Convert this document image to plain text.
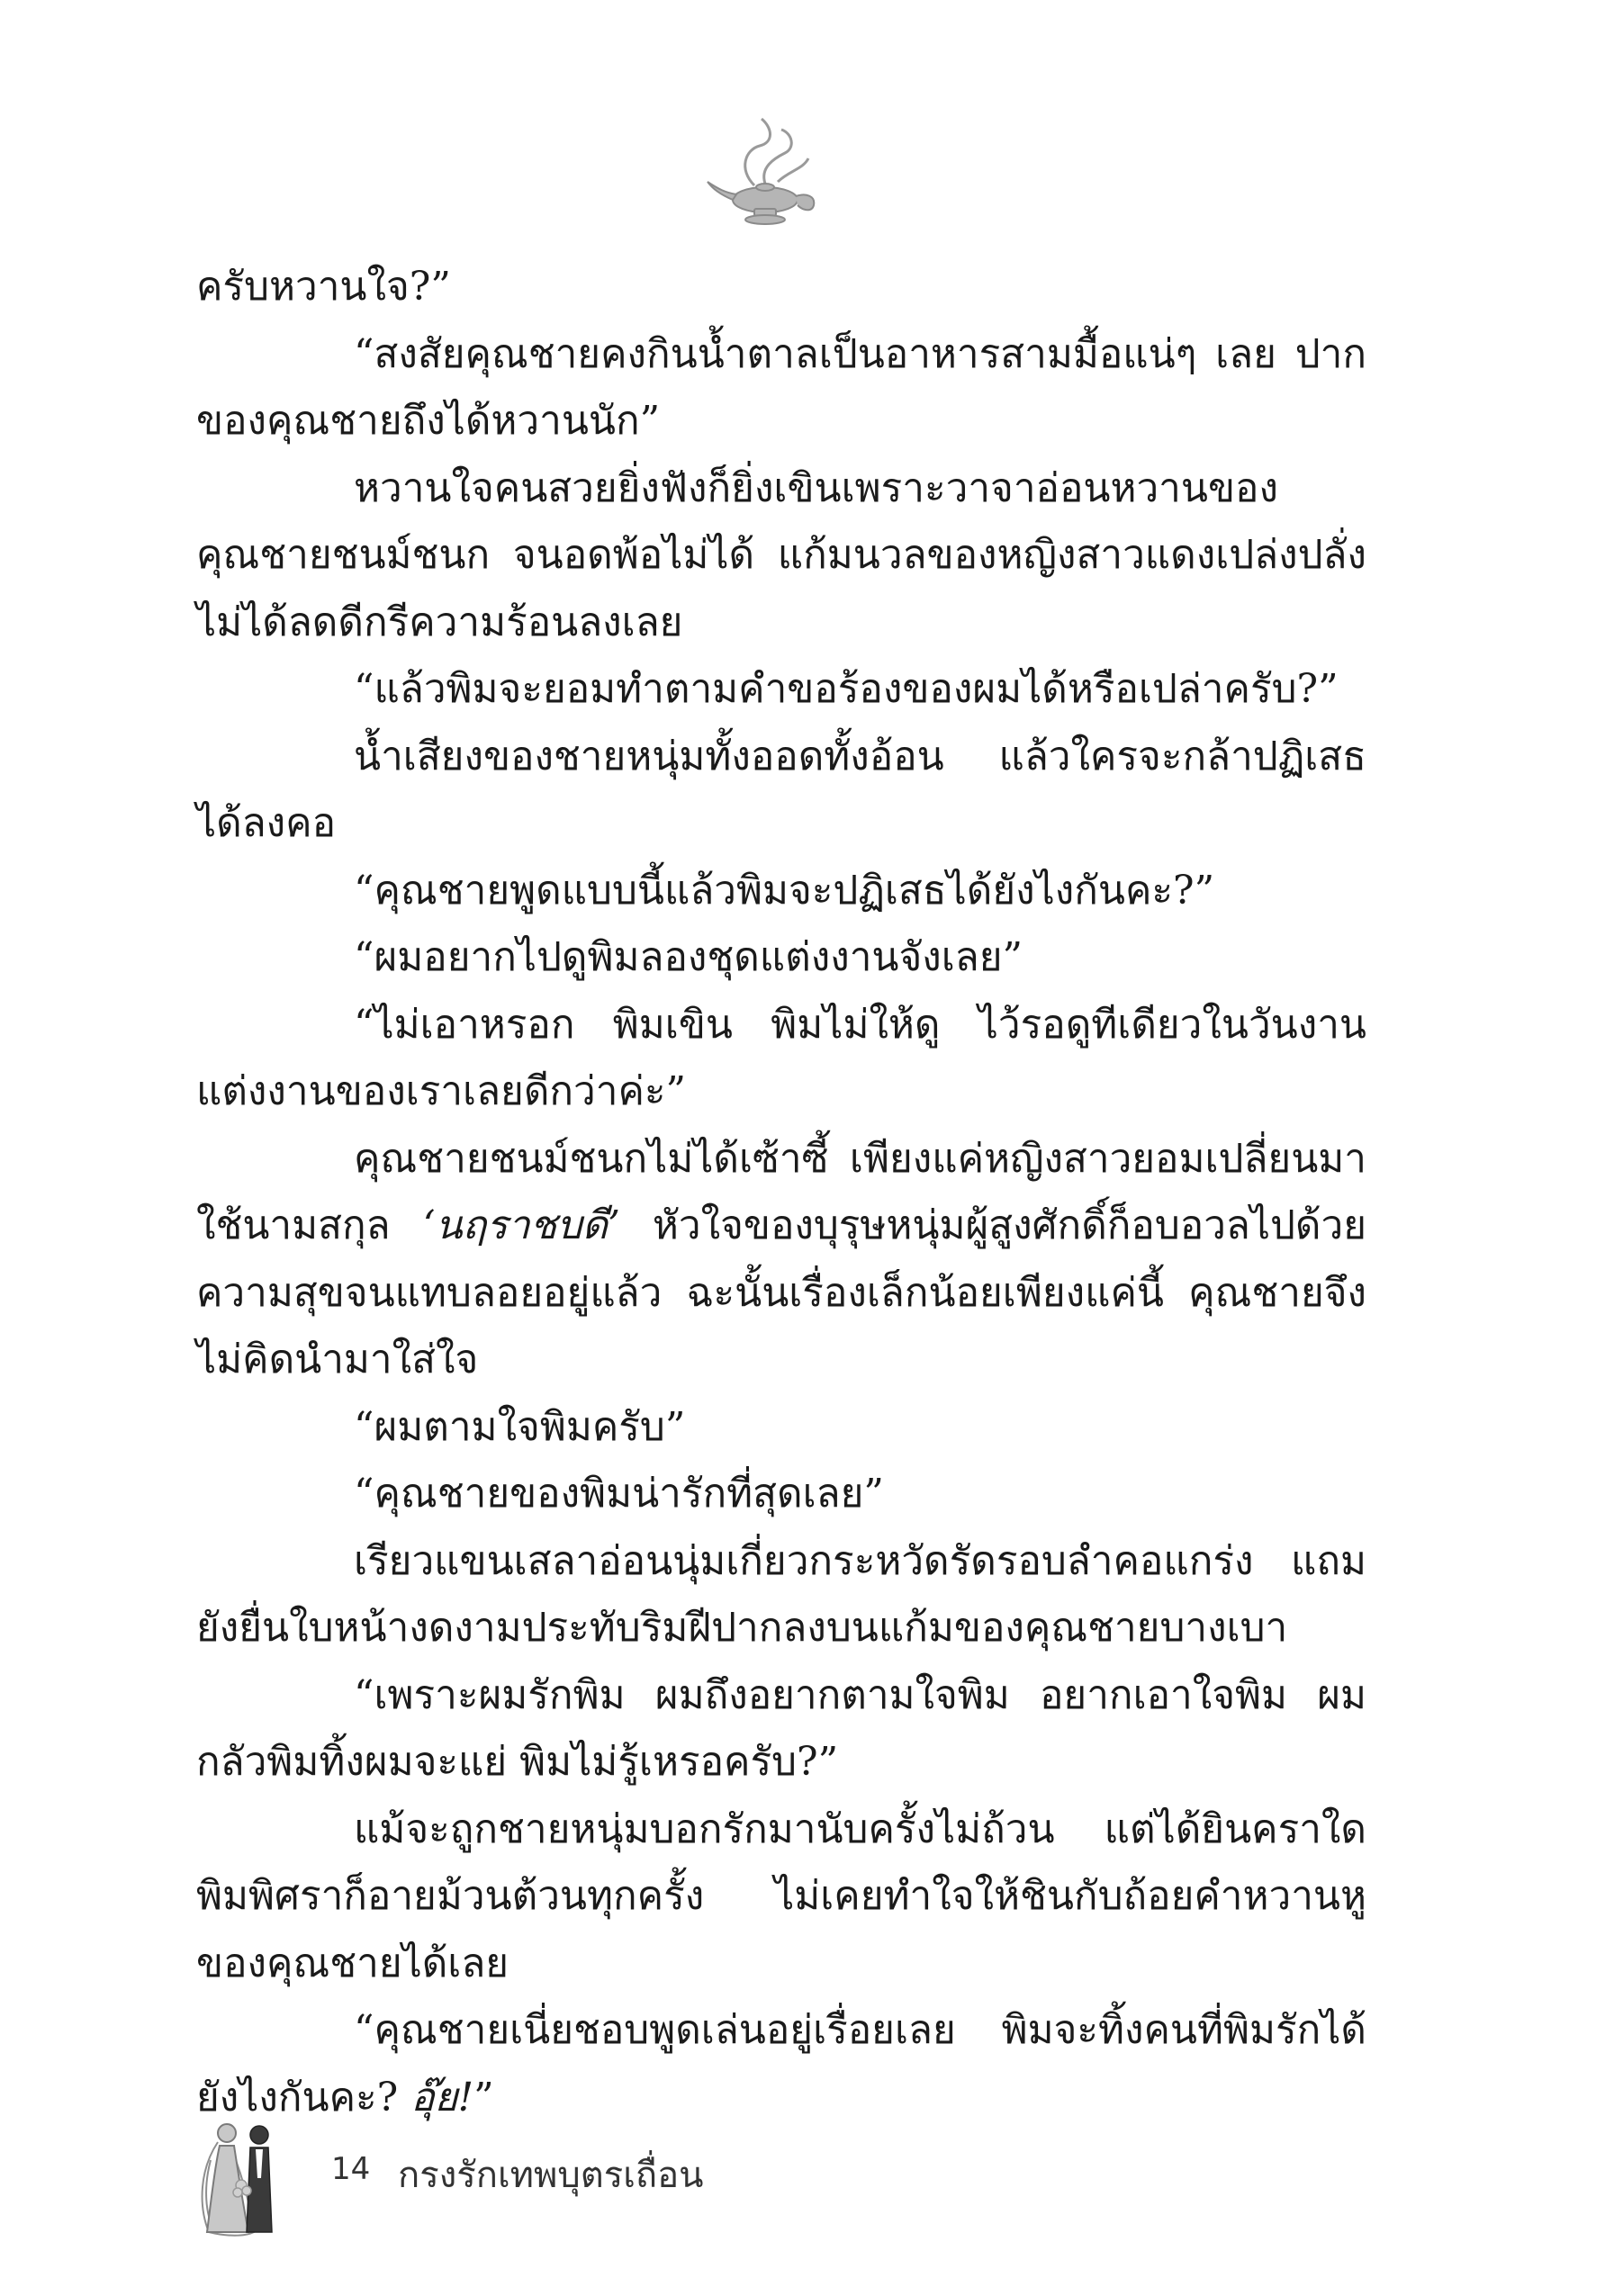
ครับหวานใจ?”

“สงสัยคุณชายคงกินน้ำตาลเป็นอาหารสามมื้อแน่ๆ เลย ปากของคุณชายถึงได้หวานนัก”

หวานใจคนสวยยิ่งฟังก็ยิ่งเขินเพราะวาจาอ่อนหวานของคุณชายชนม์ชนก จนอดพ้อไม่ได้ แก้มนวลของหญิงสาวแดงเปล่งปลั่ง ไม่ได้ลดดีกรีความร้อนลงเลย

“แล้วพิมจะยอมทำตามคำขอร้องของผมได้หรือเปล่าครับ?”

น้ำเสียงของชายหนุ่มทั้งออดทั้งอ้อน แล้วใครจะกล้าปฏิเสธได้ลงคอ

“คุณชายพูดแบบนี้แล้วพิมจะปฏิเสธได้ยังไงกันคะ?”

“ผมอยากไปดูพิมลองชุดแต่งงานจังเลย”

“ไม่เอาหรอก พิมเขิน พิมไม่ให้ดู ไว้รอดูทีเดียวในวันงานแต่งงานของเราเลยดีกว่าค่ะ”

คุณชายชนม์ชนกไม่ได้เซ้าซี้ เพียงแค่หญิงสาวยอมเปลี่ยนมาใช้นามสกุล ‘นฤราชบดี’ หัวใจของบุรุษหนุ่มผู้สูงศักดิ์ก็อบอวลไปด้วยความสุขจนแทบลอยอยู่แล้ว ฉะนั้นเรื่องเล็กน้อยเพียงแค่นี้ คุณชายจึงไม่คิดนำมาใส่ใจ

“ผมตามใจพิมครับ”

“คุณชายของพิมน่ารักที่สุดเลย”

เรียวแขนเสลาอ่อนนุ่มเกี่ยวกระหวัดรัดรอบลำคอแกร่ง แถมยังยื่นใบหน้างดงามประทับริมฝีปากลงบนแก้มของคุณชายบางเบา

“เพราะผมรักพิม ผมถึงอยากตามใจพิม อยากเอาใจพิม ผมกลัวพิมทิ้งผมจะแย่ พิมไม่รู้เหรอครับ?”

แม้จะถูกชายหนุ่มบอกรักมานับครั้งไม่ถ้วน แต่ได้ยินคราใดพิมพิศราก็อายม้วนต้วนทุกครั้ง ไม่เคยทำใจให้ชินกับถ้อยคำหวานหูของคุณชายได้เลย

“คุณชายเนี่ยชอบพูดเล่นอยู่เรื่อยเลย พิมจะทิ้งคนที่พิมรักได้ยังไงกันคะ? อุ๊ย!”

14 กรงรักเทพบุตรเถื่อน
